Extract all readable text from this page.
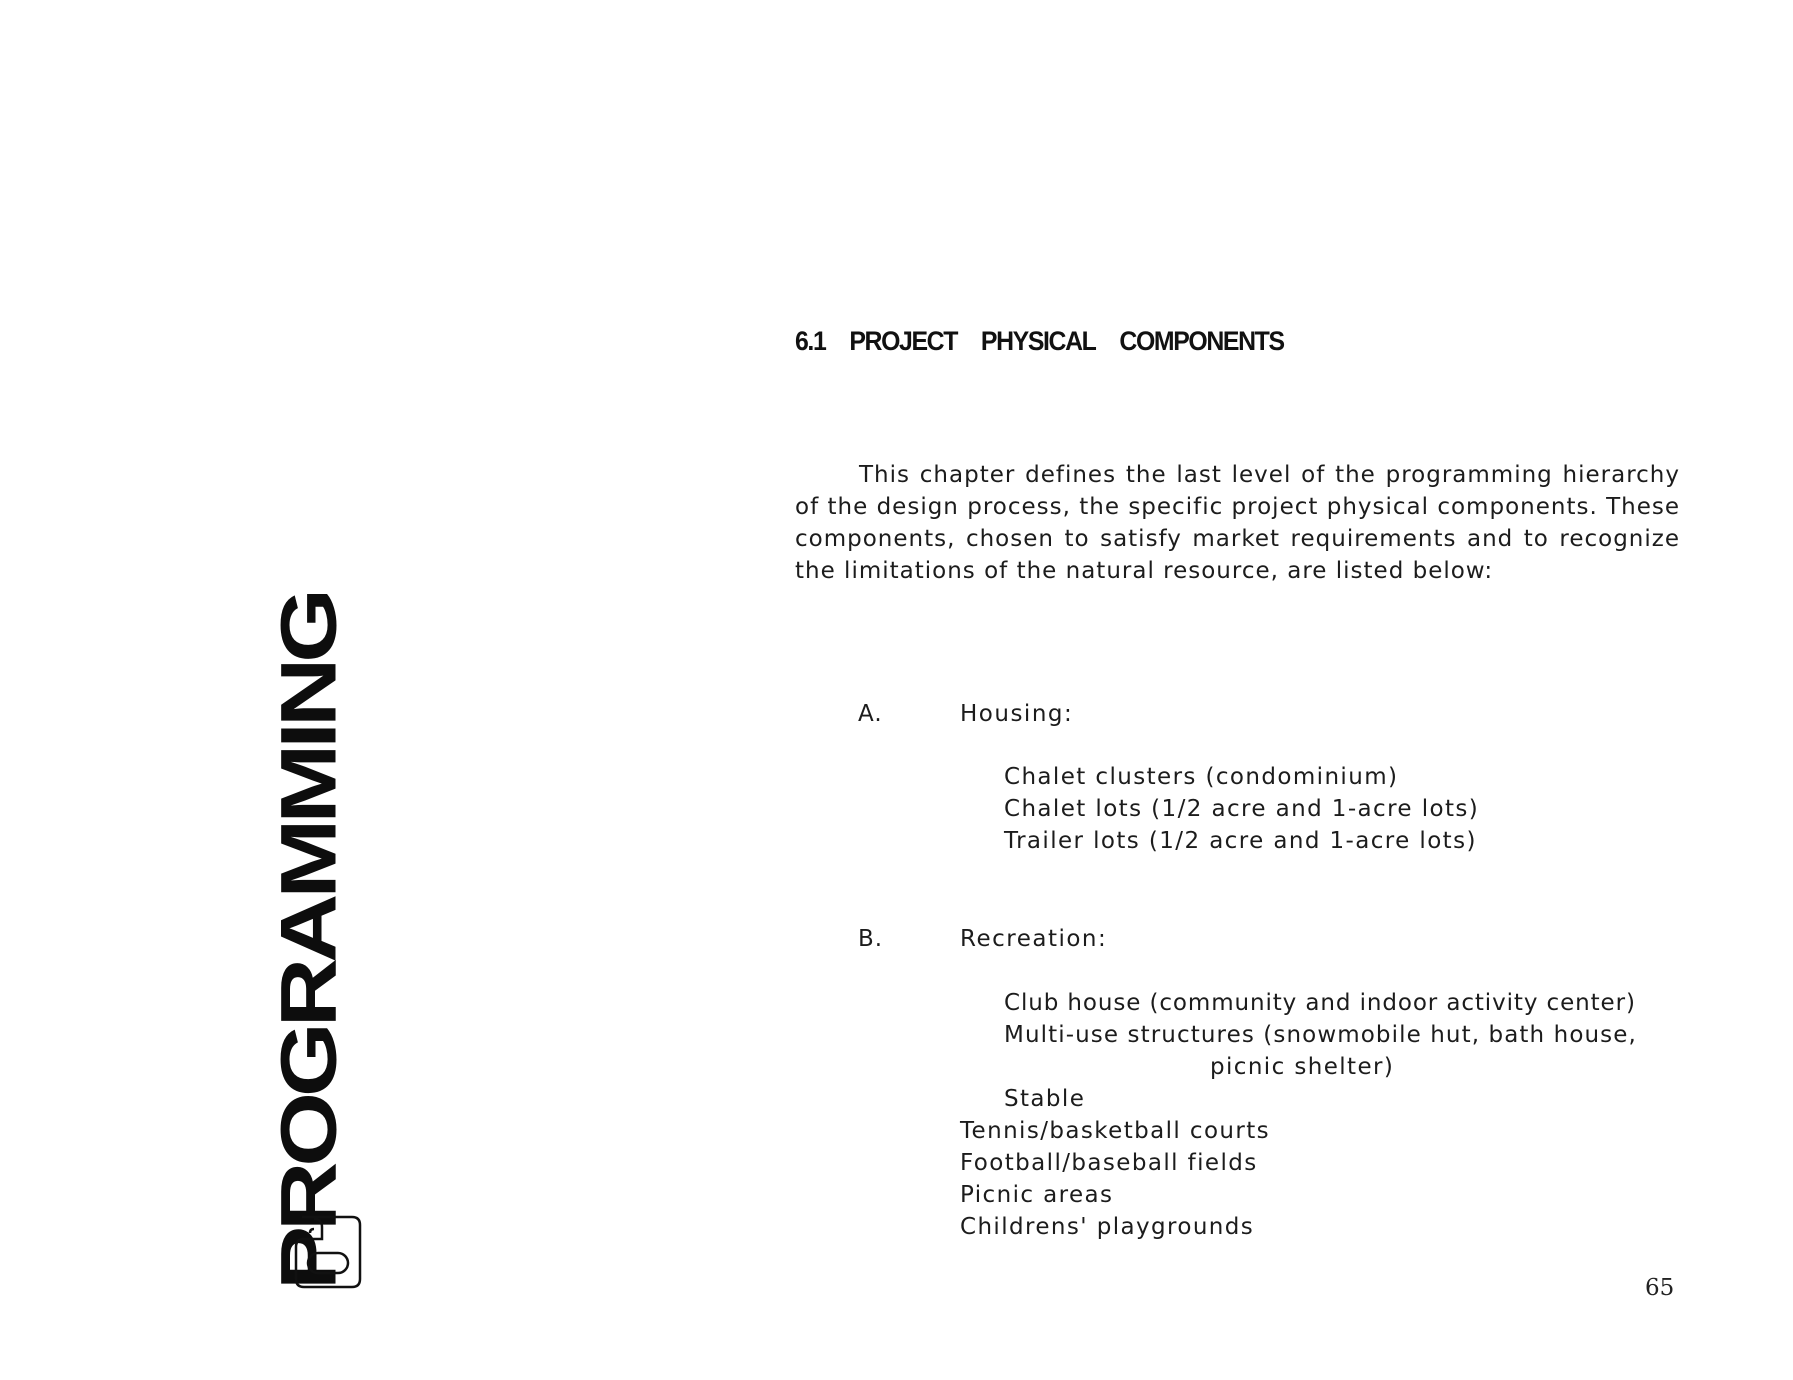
6.1 PROJECT PHYSICAL COMPONENTS

This chapter defines the last level of the programming hierarchy of the design process, the specific project physical components. These components, chosen to satisfy market requirements and to recognize the limitations of the natural resource, are listed below:

A.	Housing:
Chalet clusters (condominium)
Chalet lots (1/2 acre and 1-acre lots)
Trailer lots (1/2 acre and 1-acre lots)
B.	Recreation:
Club house (community and indoor activity center)
Multi-use structures (snowmobile hut, bath house,
picnic shelter)
Stable
Tennis/basketball courts
Football/baseball fields
Picnic areas
Childrens' playgrounds
65
PROGRAMMING
